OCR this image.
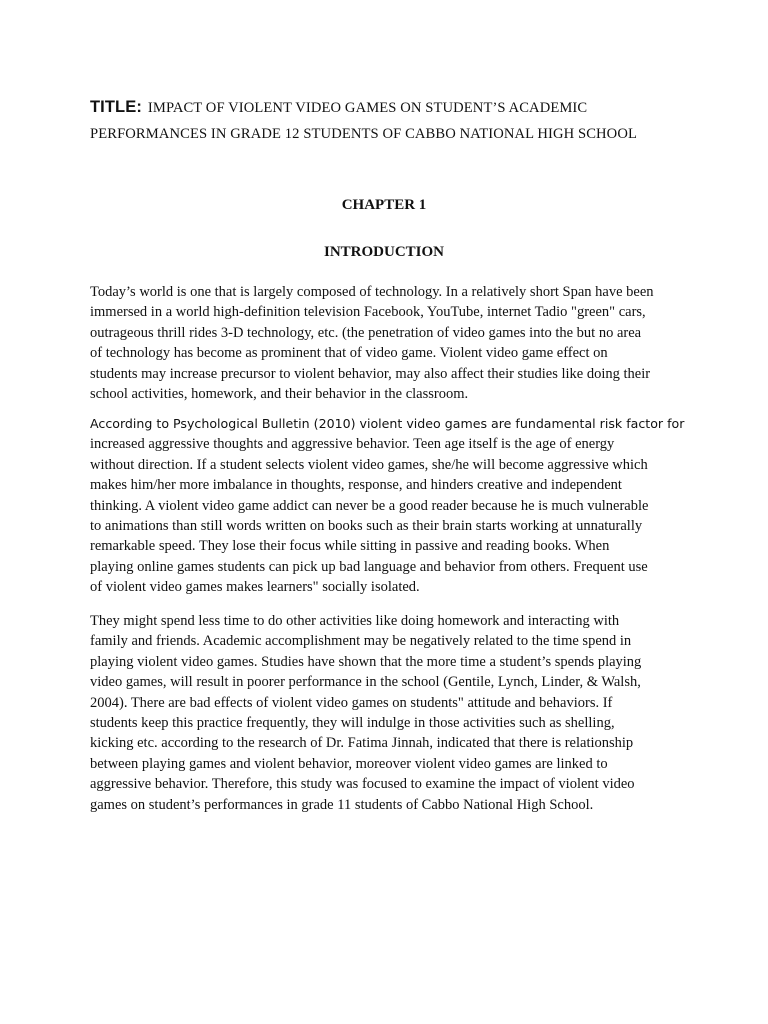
TITLE: IMPACT OF VIOLENT VIDEO GAMES ON STUDENT’S ACADEMIC
PERFORMANCES IN GRADE 12 STUDENTS OF CABBO NATIONAL HIGH SCHOOL
CHAPTER 1
INTRODUCTION
Today’s world is one that is largely composed of technology. In a relatively short Span have been
immersed in a world high-definition television Facebook, YouTube, internet Tadio "green" cars,
outrageous thrill rides 3-D technology, etc. (the penetration of video games into the but no area
of technology has become as prominent that of video game. Violent video game effect on
students may increase precursor to violent behavior, may also affect their studies like doing their
school activities, homework, and their behavior in the classroom.
According to Psychological Bulletin (2010) violent video games are fundamental risk factor for
increased aggressive thoughts and aggressive behavior. Teen age itself is the age of energy
without direction. If a student selects violent video games, she/he will become aggressive which
makes him/her more imbalance in thoughts, response, and hinders creative and independent
thinking. A violent video game addict can never be a good reader because he is much vulnerable
to animations than still words written on books such as their brain starts working at unnaturally
remarkable speed. They lose their focus while sitting in passive and reading books. When
playing online games students can pick up bad language and behavior from others. Frequent use
of violent video games makes learners" socially isolated.
They might spend less time to do other activities like doing homework and interacting with
family and friends. Academic accomplishment may be negatively related to the time spend in
playing violent video games. Studies have shown that the more time a student’s spends playing
video games, will result in poorer performance in the school (Gentile, Lynch, Linder, & Walsh,
2004). There are bad effects of violent video games on students" attitude and behaviors. If
students keep this practice frequently, they will indulge in those activities such as shelling,
kicking etc. according to the research of Dr. Fatima Jinnah, indicated that there is relationship
between playing games and violent behavior, moreover violent video games are linked to
aggressive behavior. Therefore, this study was focused to examine the impact of violent video
games on student’s performances in grade 11 students of Cabbo National High School.
